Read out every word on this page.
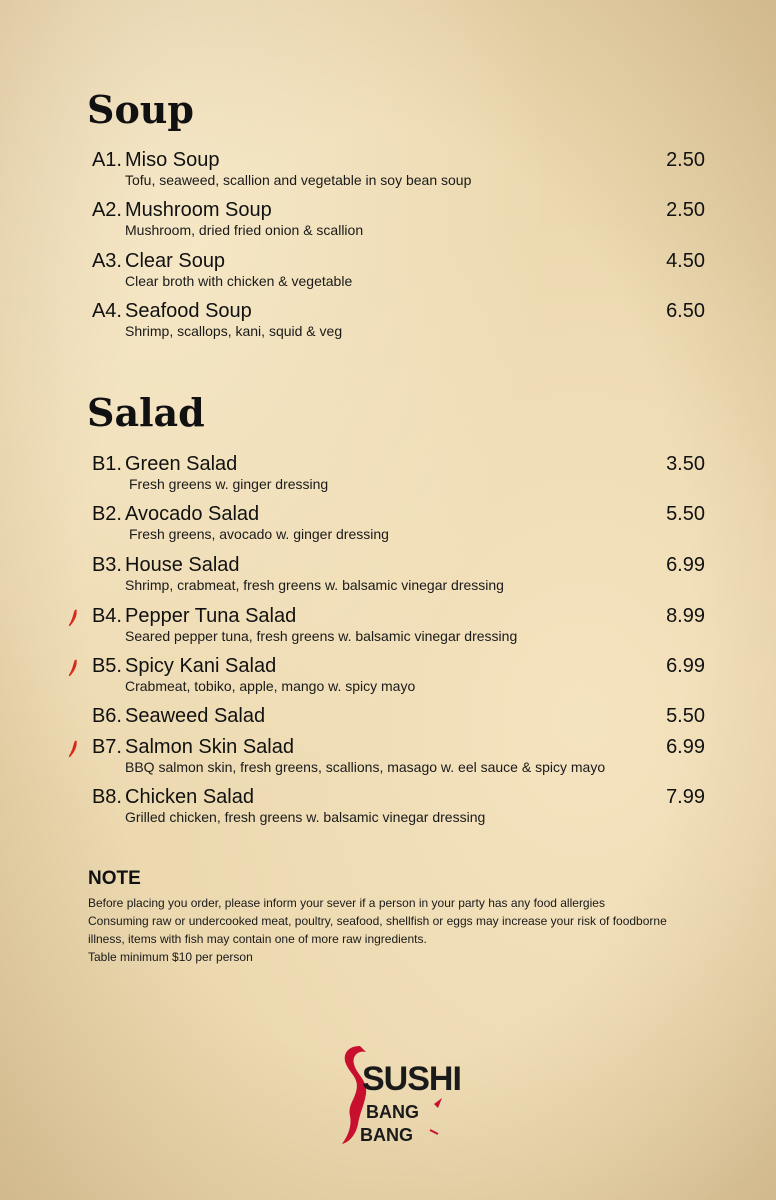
Soup
A1. Miso Soup	2.50
Tofu, seaweed, scallion and vegetable in soy bean soup
A2. Mushroom Soup	2.50
Mushroom, dried fried onion & scallion
A3. Clear Soup	4.50
Clear broth with chicken & vegetable
A4. Seafood Soup	6.50
Shrimp, scallops, kani, squid & veg
Salad
B1. Green Salad	3.50
Fresh greens w. ginger dressing
B2. Avocado Salad	5.50
Fresh greens, avocado w. ginger dressing
B3. House Salad	6.99
Shrimp, crabmeat, fresh greens w. balsamic vinegar dressing
B4. Pepper Tuna Salad	8.99
Seared pepper tuna, fresh greens w. balsamic vinegar dressing
B5. Spicy Kani Salad	6.99
Crabmeat, tobiko, apple, mango w. spicy mayo
B6. Seaweed Salad	5.50
B7. Salmon Skin Salad	6.99
BBQ salmon skin, fresh greens, scallions, masago w. eel sauce & spicy mayo
B8. Chicken Salad	7.99
Grilled chicken, fresh greens w. balsamic vinegar dressing
NOTE
Before placing you order, please inform your sever if a person in your party has any food allergies
Consuming raw or undercooked meat, poultry, seafood, shellfish or eggs may increase your risk of foodborne
illness, items with fish may contain one of more raw ingredients.
Table minimum $10 per person
SUSHI
BANG
BANG
